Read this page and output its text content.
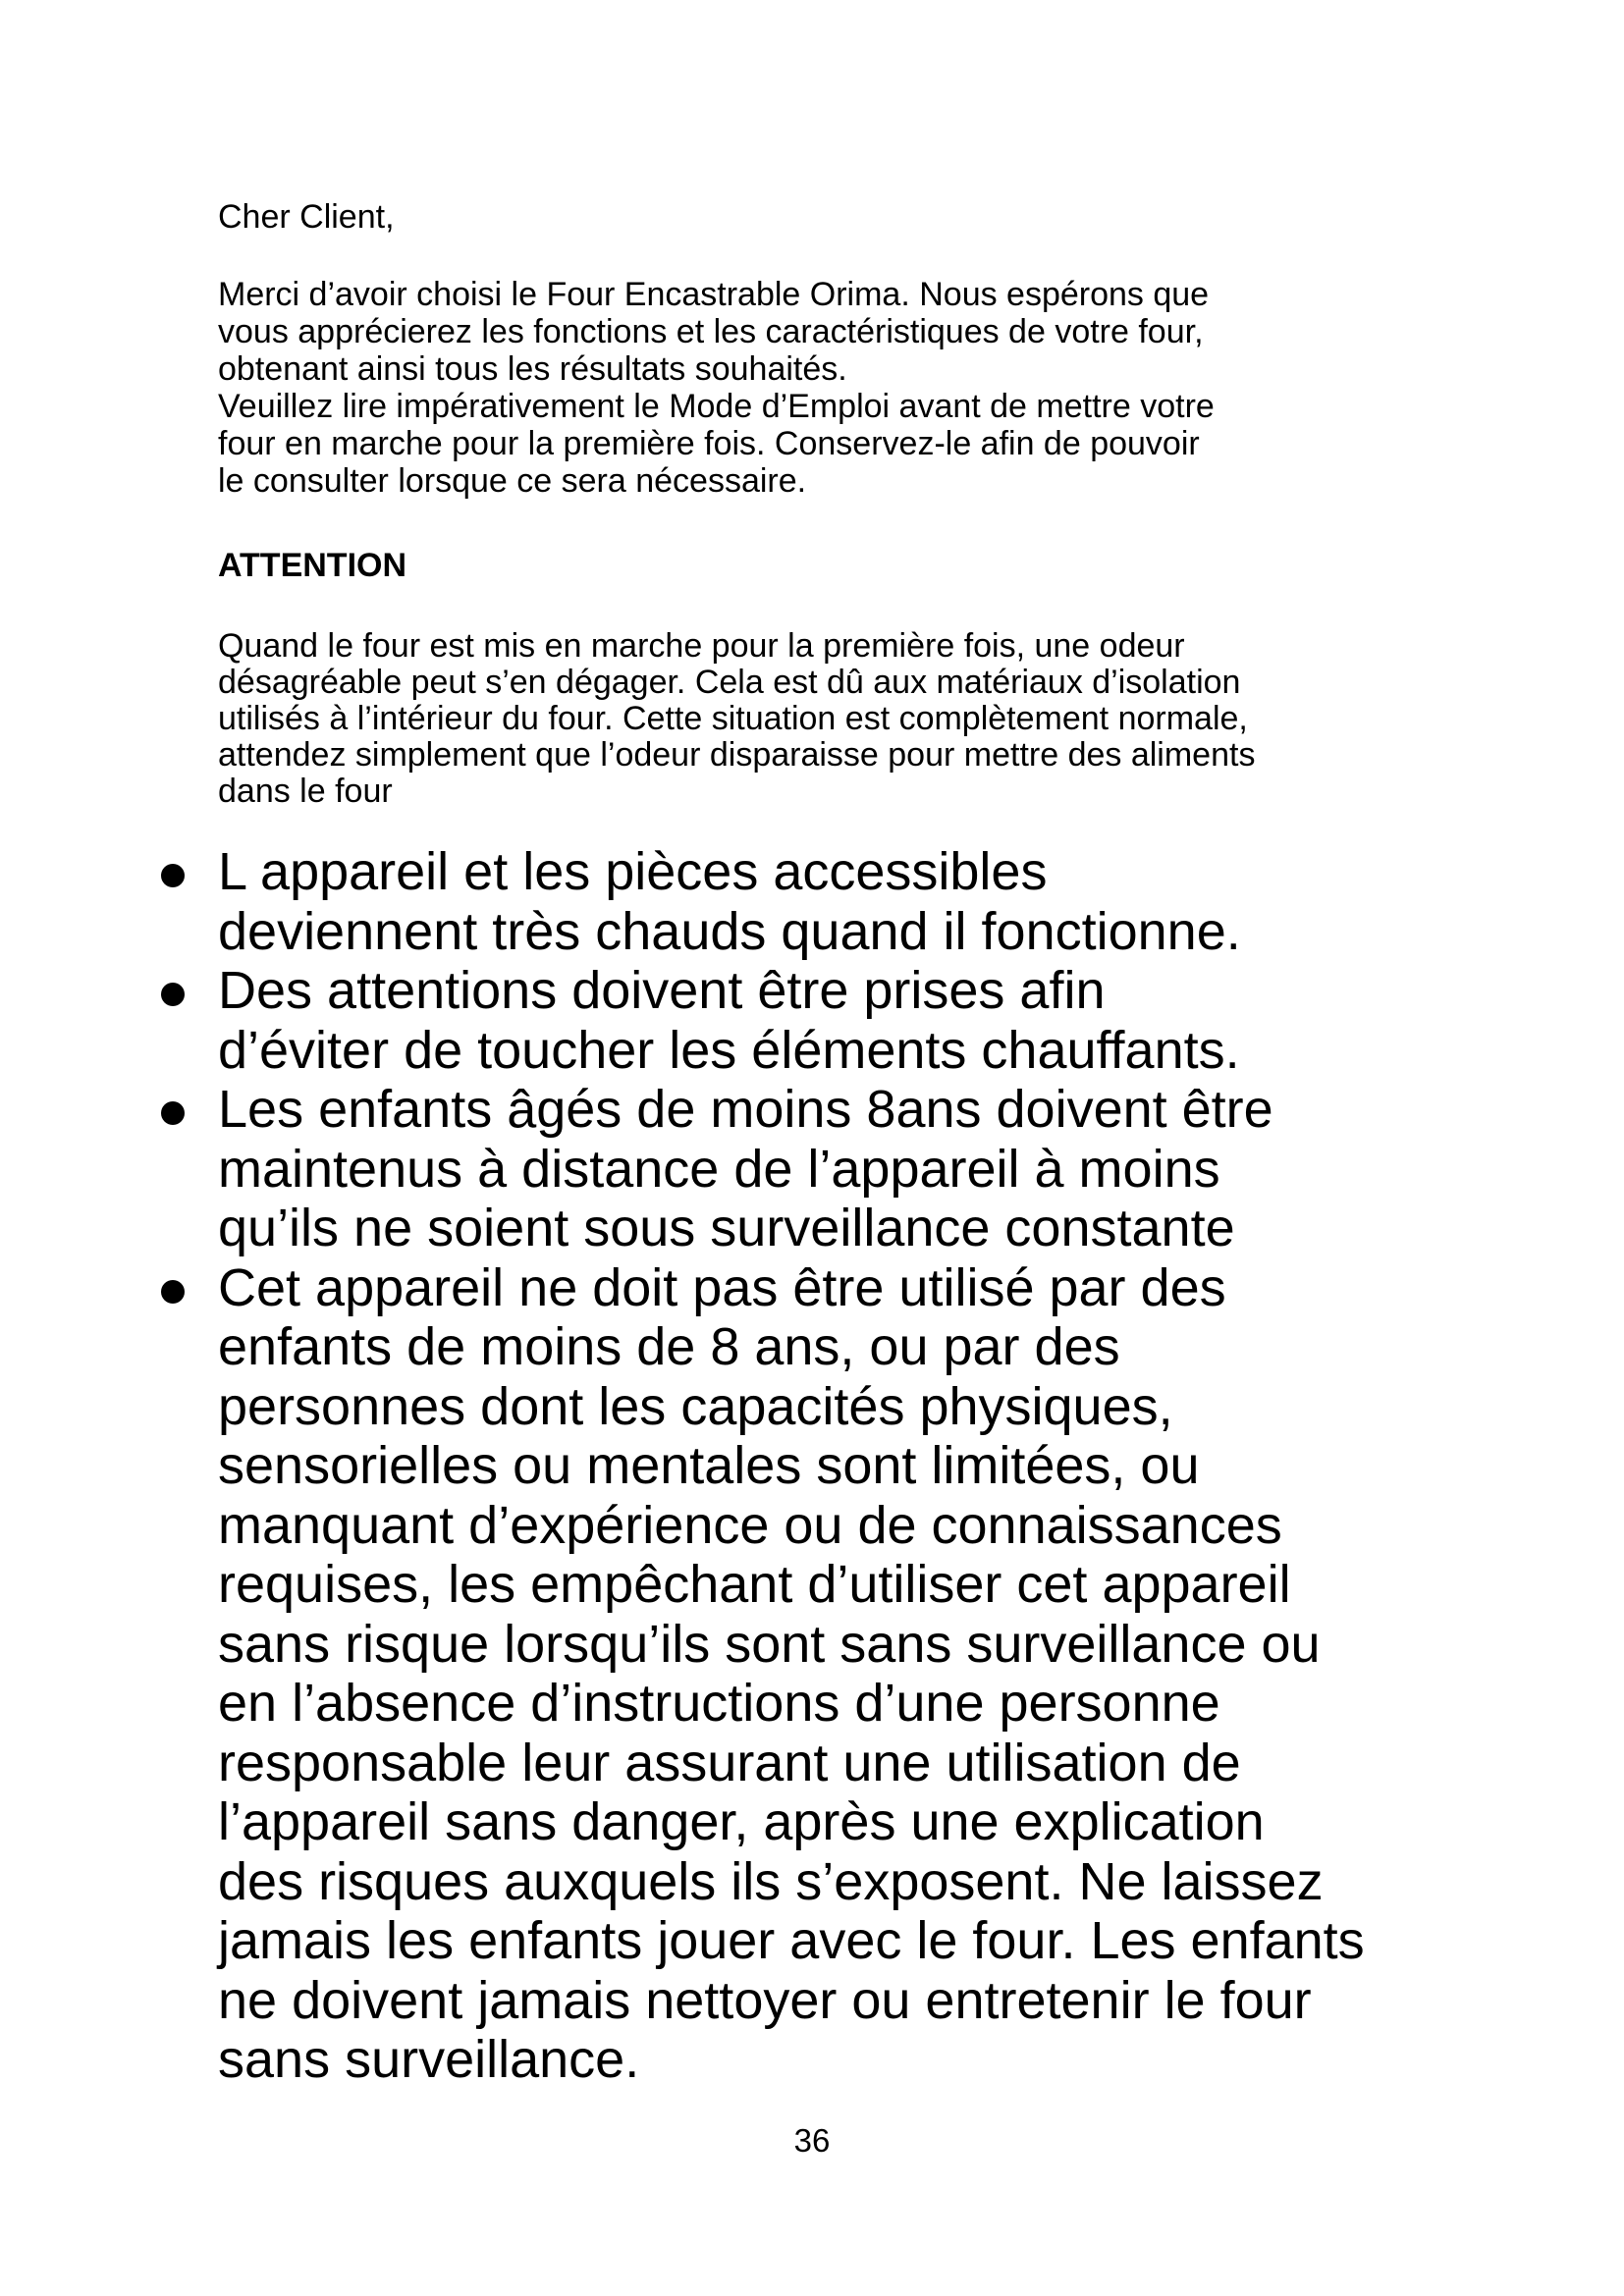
Cher Client,

Merci d’avoir choisi le Four Encastrable Orima. Nous espérons que

vous apprécierez les fonctions et les caractéristiques de votre four,

obtenant ainsi tous les résultats souhaités.

Veuillez lire impérativement le Mode d’Emploi avant de mettre votre

four en marche pour la première fois. Conservez-le afin de pouvoir

le consulter lorsque ce sera nécessaire.

ATTENTION

Quand le four est mis en marche pour la première fois, une odeur

désagréable peut s’en dégager. Cela est dû aux matériaux d’isolation

utilisés à l’intérieur du four. Cette situation est complètement normale,

attendez simplement que l’odeur disparaisse pour mettre des aliments

dans le four

L appareil et les pièces accessibles

deviennent très chauds quand il fonctionne.

Des attentions doivent être prises afin

d’éviter de toucher les éléments chauffants.

Les enfants âgés de moins 8ans doivent être

maintenus à distance de l’appareil à moins

qu’ils ne soient sous surveillance constante

Cet appareil ne doit pas être utilisé par des

enfants de moins de 8 ans, ou par des

personnes dont les capacités physiques,

sensorielles ou mentales sont limitées, ou

manquant d’expérience ou de connaissances

requises, les empêchant d’utiliser cet appareil

sans risque lorsqu’ils sont sans surveillance ou

en l’absence d’instructions d’une personne

responsable leur assurant une utilisation de

l’appareil sans danger, après une explication

des risques auxquels ils s’exposent. Ne laissez

jamais les enfants jouer avec le four. Les enfants

ne doivent jamais nettoyer ou entretenir le four

sans surveillance.

36
